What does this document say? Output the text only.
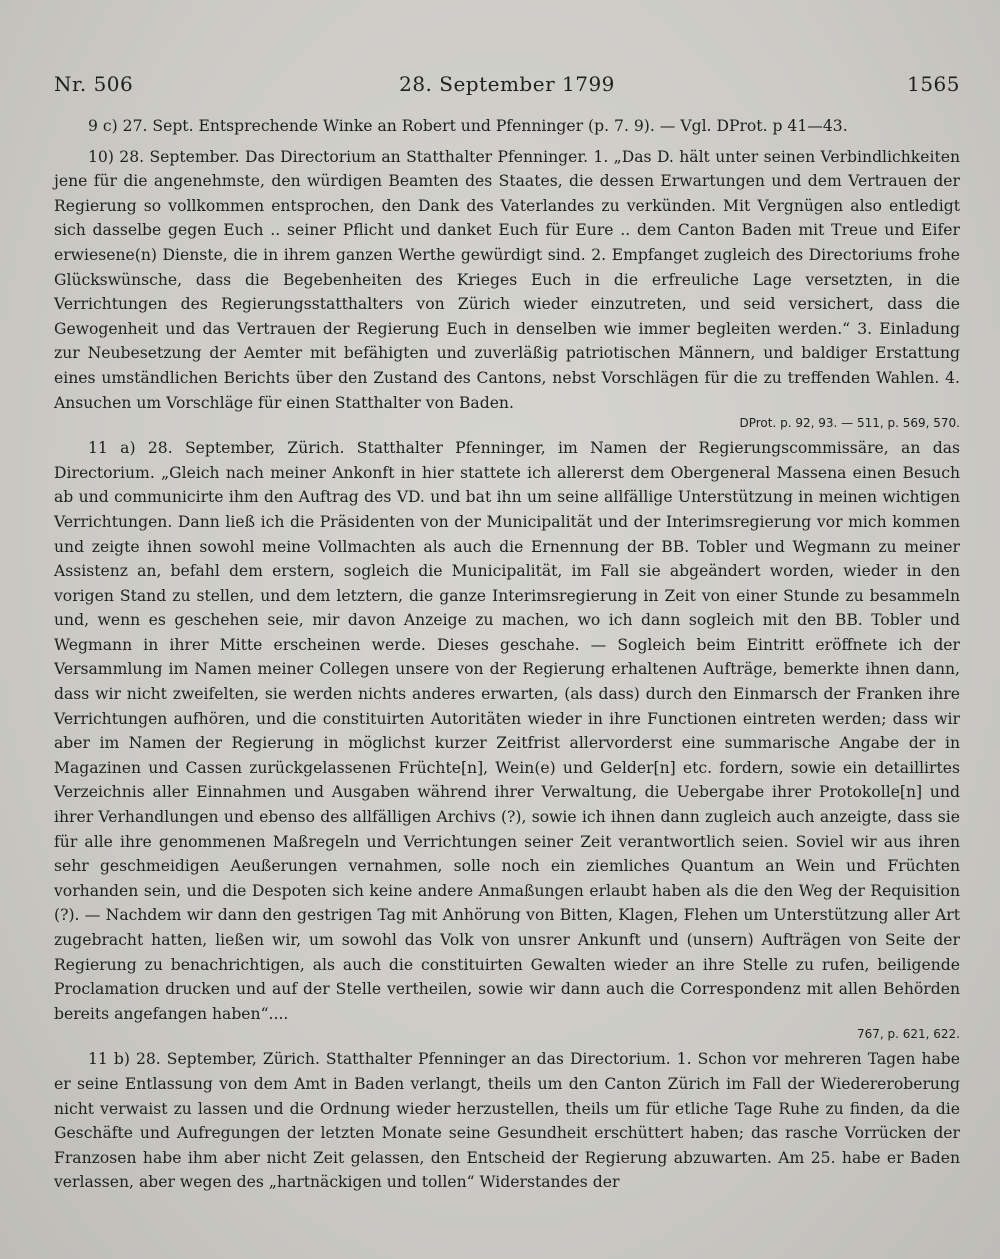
Nr. 506	28. September 1799	1565

9 c) 27. Sept. Entsprechende Winke an Robert und Pfenninger (p. 7. 9). — Vgl. DProt. p 41—43.

10) 28. September. Das Directorium an Statthalter Pfenninger. 1. „Das D. hält unter seinen Verbindlichkeiten jene für die angenehmste, den würdigen Beamten des Staates, die dessen Erwartungen und dem Vertrauen der Regierung so vollkommen entsprochen, den Dank des Vaterlandes zu verkünden. Mit Vergnügen also entledigt sich dasselbe gegen Euch .. seiner Pflicht und danket Euch für Eure .. dem Canton Baden mit Treue und Eifer erwiesene(n) Dienste, die in ihrem ganzen Werthe gewürdigt sind. 2. Empfanget zugleich des Directoriums frohe Glückswünsche, dass die Begebenheiten des Krieges Euch in die erfreuliche Lage versetzten, in die Verrichtungen des Regierungsstatthalters von Zürich wieder einzutreten, und seid versichert, dass die Gewogenheit und das Vertrauen der Regierung Euch in denselben wie immer begleiten werden.“ 3. Einladung zur Neubesetzung der Aemter mit befähigten und zuverläßig patriotischen Männern, und baldiger Erstattung eines umständlichen Berichts über den Zustand des Cantons, nebst Vorschlägen für die zu treffenden Wahlen. 4. Ansuchen um Vorschläge für einen Statthalter von Baden.

DProt. p. 92, 93. — 511, p. 569, 570.

11 a) 28. September, Zürich. Statthalter Pfenninger, im Namen der Regierungscommissäre, an das Directorium. „Gleich nach meiner Ankonft in hier stattete ich allererst dem Obergeneral Massena einen Besuch ab und communicirte ihm den Auftrag des VD. und bat ihn um seine allfällige Unterstützung in meinen wichtigen Verrichtungen. Dann ließ ich die Präsidenten von der Municipalität und der Interimsregierung vor mich kommen und zeigte ihnen sowohl meine Vollmachten als auch die Ernennung der BB. Tobler und Wegmann zu meiner Assistenz an, befahl dem erstern, sogleich die Municipalität, im Fall sie abgeändert worden, wieder in den vorigen Stand zu stellen, und dem letztern, die ganze Interimsregierung in Zeit von einer Stunde zu besammeln und, wenn es geschehen seie, mir davon Anzeige zu machen, wo ich dann sogleich mit den BB. Tobler und Wegmann in ihrer Mitte erscheinen werde. Dieses geschahe. — Sogleich beim Eintritt eröffnete ich der Versammlung im Namen meiner Collegen unsere von der Regierung erhaltenen Aufträge, bemerkte ihnen dann, dass wir nicht zweifelten, sie werden nichts anderes erwarten, (als dass) durch den Einmarsch der Franken ihre Verrichtungen aufhören, und die constituirten Autoritäten wieder in ihre Functionen eintreten werden; dass wir aber im Namen der Regierung in möglichst kurzer Zeitfrist allervorderst eine summarische Angabe der in Magazinen und Cassen zurückgelassenen Früchte[n], Wein(e) und Gelder[n] etc. fordern, sowie ein detaillirtes Verzeichnis aller Einnahmen und Ausgaben während ihrer Verwaltung, die Uebergabe ihrer Protokolle[n] und ihrer Verhandlungen und ebenso des allfälligen Archivs (?), sowie ich ihnen dann zugleich auch anzeigte, dass sie für alle ihre genommenen Maßregeln und Verrichtungen seiner Zeit verantwortlich seien. Soviel wir aus ihren sehr geschmeidigen Aeußerungen vernahmen, solle noch ein ziemliches Quantum an Wein und Früchten vorhanden sein, und die Despoten sich keine andere Anmaßungen erlaubt haben als die den Weg der Requisition (?). — Nachdem wir dann den gestrigen Tag mit Anhörung von Bitten, Klagen, Flehen um Unterstützung aller Art zugebracht hatten, ließen wir, um sowohl das Volk von unsrer Ankunft und (unsern) Aufträgen von Seite der Regierung zu benachrichtigen, als auch die constituirten Gewalten wieder an ihre Stelle zu rufen, beiligende Proclamation drucken und auf der Stelle vertheilen, sowie wir dann auch die Correspondenz mit allen Behörden bereits angefangen haben“....

767, p. 621, 622.

11 b) 28. September, Zürich. Statthalter Pfenninger an das Directorium. 1. Schon vor mehreren Tagen habe er seine Entlassung von dem Amt in Baden verlangt, theils um den Canton Zürich im Fall der Wiedereroberung nicht verwaist zu lassen und die Ordnung wieder herzustellen, theils um für etliche Tage Ruhe zu finden, da die Geschäfte und Aufregungen der letzten Monate seine Gesundheit erschüttert haben; das rasche Vorrücken der Franzosen habe ihm aber nicht Zeit gelassen, den Entscheid der Regierung abzuwarten. Am 25. habe er Baden verlassen, aber wegen des „hartnäckigen und tollen“ Widerstandes der
